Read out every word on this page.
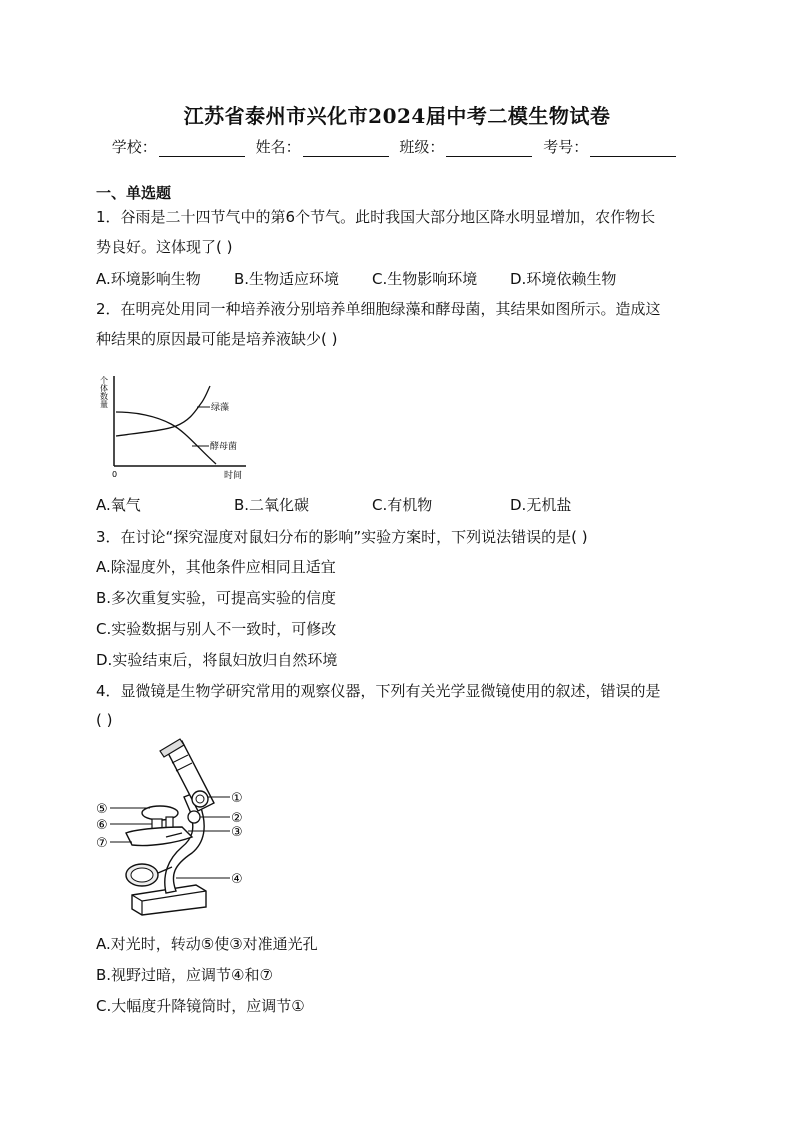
江苏省泰州市兴化市2024届中考二模生物试卷
学校：	姓名：	班级：	考号：
一、单选题
1．谷雨是二十四节气中的第6个节气。此时我国大部分地区降水明显增加，农作物长
势良好。这体现了( )
A.环境影响生物 B.生物适应环境 C.生物影响环境 D.环境依赖生物
2．在明亮处用同一种培养液分别培养单细胞绿藻和酵母菌，其结果如图所示。造成这
种结果的原因最可能是培养液缺少( )
个体数量
0	时间
绿藻
酵母菌
A.氧气	B.二氧化碳	C.有机物	D.无机盐
3．在讨论“探究湿度对鼠妇分布的影响”实验方案时，下列说法错误的是( )
A.除湿度外，其他条件应相同且适宜
B.多次重复实验，可提高实验的信度
C.实验数据与别人不一致时，可修改
D.实验结束后，将鼠妇放归自然环境
4．显微镜是生物学研究常用的观察仪器，下列有关光学显微镜使用的叙述，错误的是
( )
①
②
③
④
⑤
⑥
⑦
A.对光时，转动⑤使③对准通光孔
B.视野过暗，应调节④和⑦
C.大幅度升降镜筒时，应调节①
